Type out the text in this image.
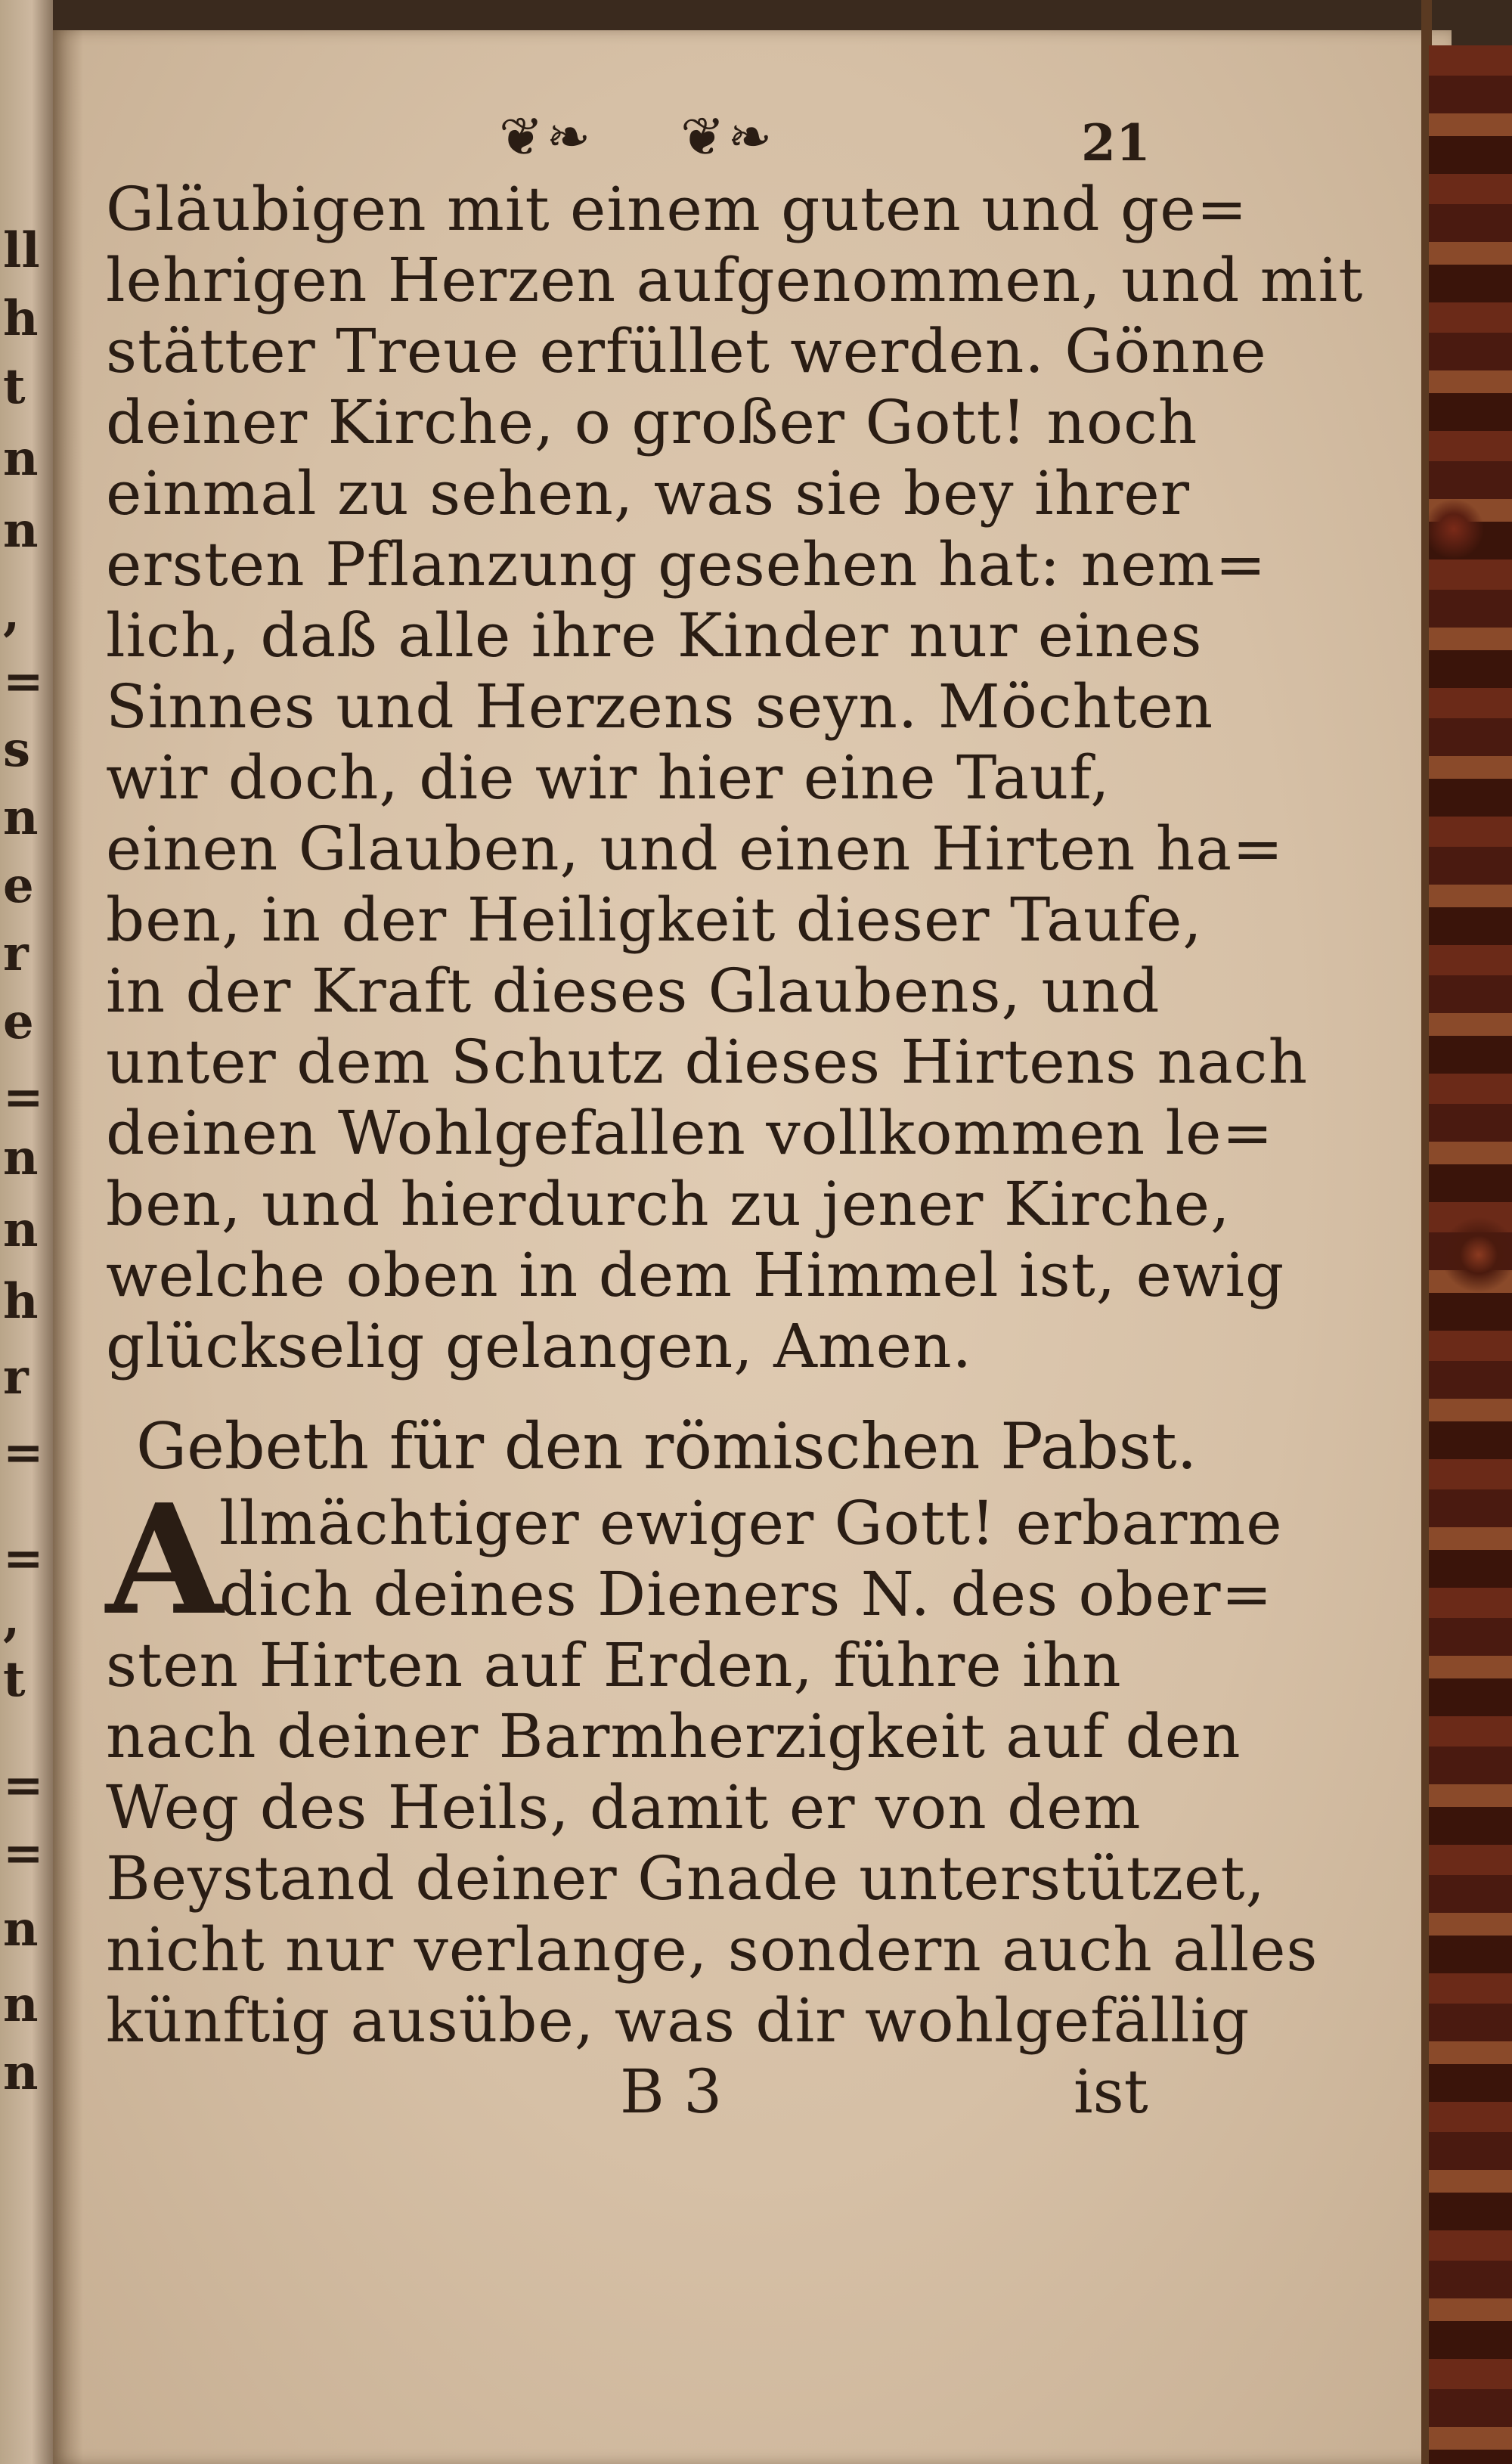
ll
h
t
n
n
,
=
s
n
e
r
e
=
n
n
h
r
=
=
t
,
=
=
n
n
n
❦❧ ❦❧	21
Gläubigen mit einem guten und ge=
lehrigen Herzen aufgenommen, und mit
stätter Treue erfüllet werden. Gönne
deiner Kirche, o großer Gott! noch
einmal zu sehen, was sie bey ihrer
ersten Pflanzung gesehen hat: nem=
lich, daß alle ihre Kinder nur eines
Sinnes und Herzens seyn. Möchten
wir doch, die wir hier eine Tauf,
einen Glauben, und einen Hirten ha=
ben, in der Heiligkeit dieser Taufe,
in der Kraft dieses Glaubens, und
unter dem Schutz dieses Hirtens nach
deinen Wohlgefallen vollkommen le=
ben, und hierdurch zu jener Kirche,
welche oben in dem Himmel ist, ewig
glückselig gelangen, Amen.
Gebeth für den römischen Pabst.
A
llmächtiger ewiger Gott! erbarme
dich deines Dieners N. des ober=
sten Hirten auf Erden, führe ihn
nach deiner Barmherzigkeit auf den
Weg des Heils, damit er von dem
Beystand deiner Gnade unterstützet,
nicht nur verlange, sondern auch alles
künftig ausübe, was dir wohlgefällig
B 3	ist
